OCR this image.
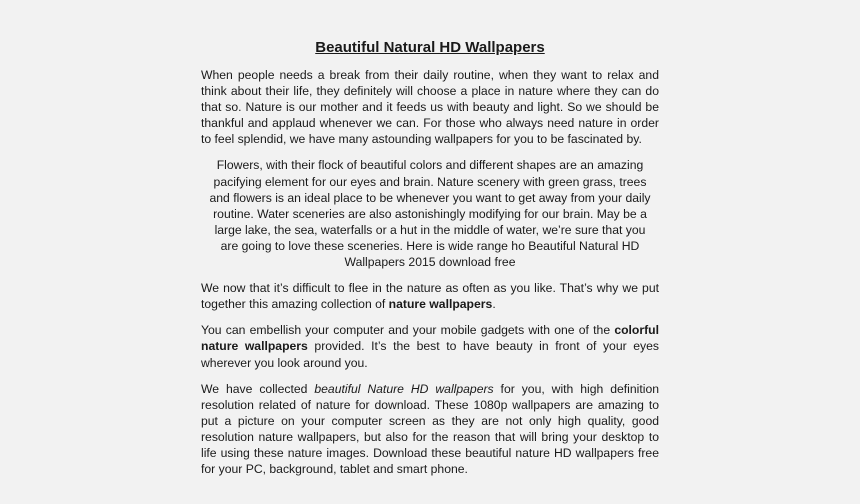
Beautiful Natural HD Wallpapers

When people needs a break from their daily routine, when they want to relax and think about their life, they definitely will choose a place in nature where they can do that so. Nature is our mother and it feeds us with beauty and light. So we should be thankful and applaud whenever we can. For those who always need nature in order to feel splendid, we have many astounding wallpapers for you to be fascinated by.

Flowers, with their flock of beautiful colors and different shapes are an amazing pacifying element for our eyes and brain. Nature scenery with green grass, trees and flowers is an ideal place to be whenever you want to get away from your daily routine. Water sceneries are also astonishingly modifying for our brain. May be a large lake, the sea, waterfalls or a hut in the middle of water, we’re sure that you are going to love these sceneries. Here is wide range ho Beautiful Natural HD Wallpapers 2015 download free

We now that it’s difficult to flee in the nature as often as you like. That’s why we put together this amazing collection of nature wallpapers.

You can embellish your computer and your mobile gadgets with one of the colorful nature wallpapers provided. It’s the best to have beauty in front of your eyes wherever you look around you.

We have collected beautiful Nature HD wallpapers for you, with high definition resolution related of nature for download. These 1080p wallpapers are amazing to put a picture on your computer screen as they are not only high quality, good resolution nature wallpapers, but also for the reason that will bring your desktop to life using these nature images. Download these beautiful nature HD wallpapers free for your PC, background, tablet and smart phone.
